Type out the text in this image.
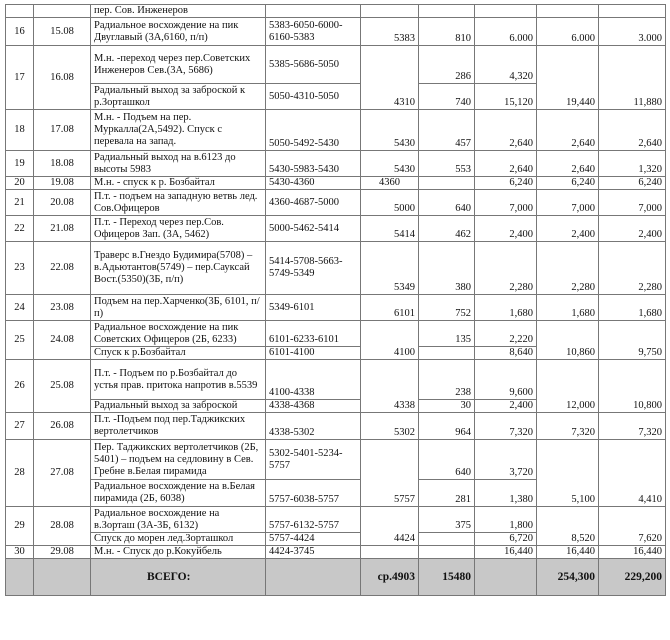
		пер. Сов. Инженеров						
16	15.08	Радиальное восхождение на пик Двуглавый (3А,6160, п/п)	5383-6050-6000-6160-5383	5383	810	6.000	6.000	3.000
17	16.08	М.н. -переход через пер.Советских Инженеров Сев.(3А, 5686)	5385-5686-5050	4310	286	4,320	19,440	11,880
		Радиальный выход за заброской к р.Зорташкол	5050-4310-5050		740	15,120		
18	17.08	М.н. - Подъем на пер. Муркалла(2А,5492). Спуск с перевала на запад.	5050-5492-5430	5430	457	2,640	2,640	2,640
19	18.08	Радиальный выход на в.6123 до высоты 5983	5430-5983-5430	5430	553	2,640	2,640	1,320
20	19.08	М.н. - спуск к р. Бозбайтал	5430-4360	4360		6,240	6,240	6,240
21	20.08	П.т. - подъем на западную ветвь лед. Сов.Офицеров	4360-4687-5000	5000	640	7,000	7,000	7,000
22	21.08	П.т. - Переход через пер.Сов. Офицеров Зап. (3А, 5462)	5000-5462-5414	5414	462	2,400	2,400	2,400
23	22.08	Траверс в.Гнездо Будимира(5708) – в.Адьютантов(5749) – пер.Сауксай Вост.(5350)(3Б, п/п)	5414-5708-5663-5749-5349	5349	380	2,280	2,280	2,280
24	23.08	Подъем на пер.Харченко(3Б, 6101, п/п)	5349-6101	6101	752	1,680	1,680	1,680
25	24.08	Радиальное восхождение на пик Советских Офицеров (2Б, 6233)	6101-6233-6101	4100	135	2,220	10,860	9,750
		Спуск к р.Бозбайтал	6101-4100			8,640		
26	25.08	П.т. - Подъем по р.Бозбайтал до устья прав. притока напротив в.5539	4100-4338	4338	238	9,600	12,000	10,800
		Радиальный выход за заброской	4338-4368		30	2,400		
27	26.08	П.т. -Подъем под пер.Таджикских вертолетчиков	4338-5302	5302	964	7,320	7,320	7,320
28	27.08	Пер. Таджикских вертолетчиков (2Б, 5401) – подъем на седловину в Сев. Гребне в.Белая пирамида	5302-5401-5234-5757	5757	640	3,720	5,100	4,410
		Радиальное восхождение на в.Белая пирамида (2Б, 6038)	5757-6038-5757		281	1,380		
29	28.08	Радиальное восхождение на в.Зорташ (3А-3Б, 6132)	5757-6132-5757	4424	375	1,800	8,520	7,620
		Спуск до морен лед.Зорташкол	5757-4424			6,720		
30	29.08	М.н. - Спуск до р.Кокуйбель	4424-3745			16,440	16,440	16,440
		ВСЕГО:		ср.4903	15480		254,300	229,200
